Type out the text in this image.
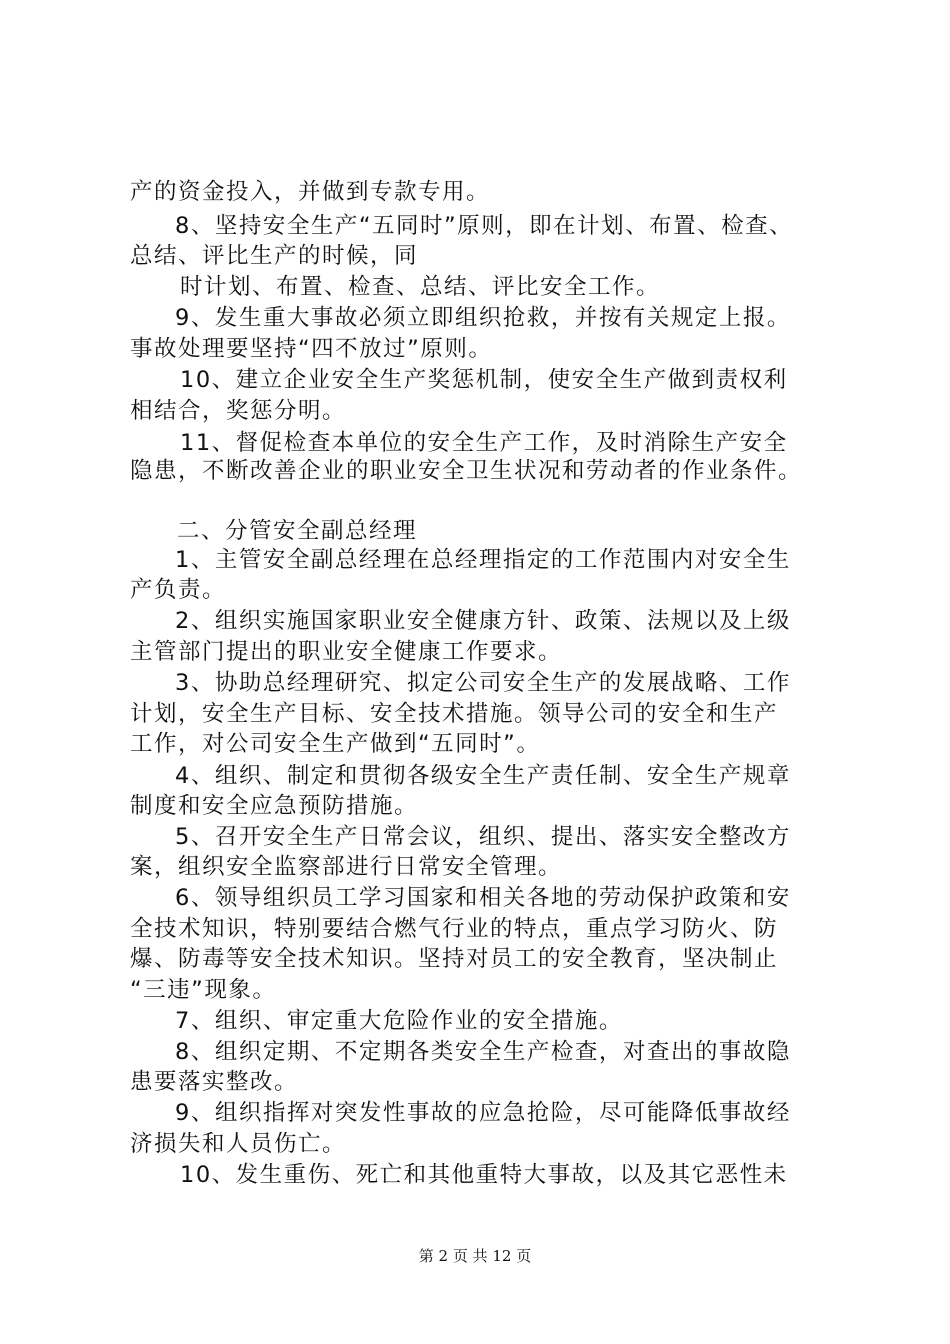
产的资金投入，并做到专款专用。
8、坚持安全生产“五同时”原则，即在计划、布置、检查、
总结、评比生产的时候，同
时计划、布置、检查、总结、评比安全工作。
9、发生重大事故必须立即组织抢救，并按有关规定上报。
事故处理要坚持“四不放过”原则。
10、建立企业安全生产奖惩机制，使安全生产做到责权利
相结合，奖惩分明。
11、督促检查本单位的安全生产工作，及时消除生产安全
隐患，不断改善企业的职业安全卫生状况和劳动者的作业条件。
二、分管安全副总经理
1、主管安全副总经理在总经理指定的工作范围内对安全生
产负责。
2、组织实施国家职业安全健康方针、政策、法规以及上级
主管部门提出的职业安全健康工作要求。
3、协助总经理研究、拟定公司安全生产的发展战略、工作
计划，安全生产目标、安全技术措施。领导公司的安全和生产
工作，对公司安全生产做到“五同时”。
4、组织、制定和贯彻各级安全生产责任制、安全生产规章
制度和安全应急预防措施。
5、召开安全生产日常会议，组织、提出、落实安全整改方
案，组织安全监察部进行日常安全管理。
6、领导组织员工学习国家和相关各地的劳动保护政策和安
全技术知识，特别要结合燃气行业的特点，重点学习防火、防
爆、防毒等安全技术知识。坚持对员工的安全教育，坚决制止
“三违”现象。
7、组织、审定重大危险作业的安全措施。
8、组织定期、不定期各类安全生产检查，对查出的事故隐
患要落实整改。
9、组织指挥对突发性事故的应急抢险，尽可能降低事故经
济损失和人员伤亡。
10、发生重伤、死亡和其他重特大事故，以及其它恶性未
第 2 页 共 12 页
